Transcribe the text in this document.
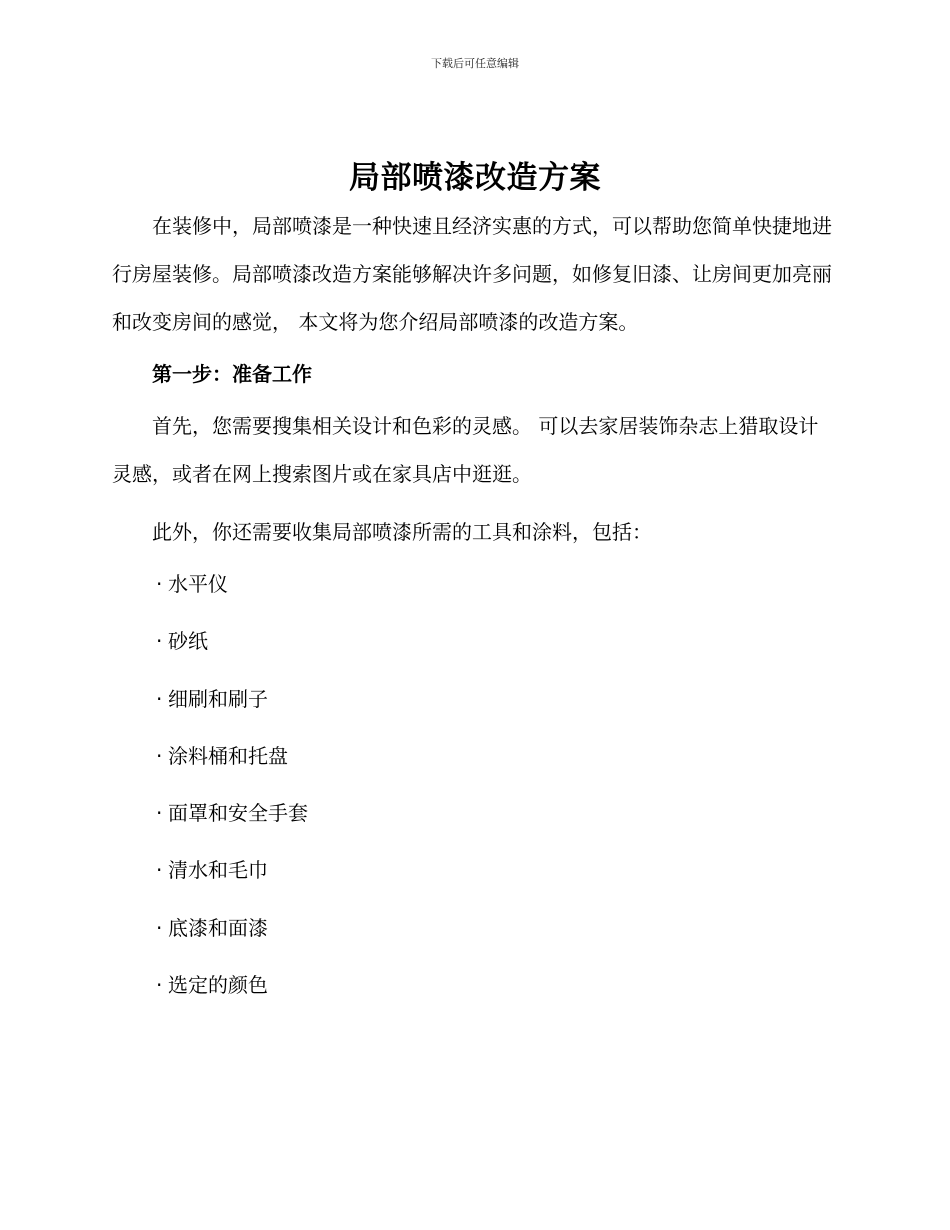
下载后可任意编辑
局部喷漆改造方案

在装修中，局部喷漆是一种快速且经济实惠的方式，可以帮助您简单快捷地进行房屋装修。局部喷漆改造方案能够解决许多问题，如修复旧漆、让房间更加亮丽和改变房间的感觉， 本文将为您介绍局部喷漆的改造方案。

第一步：准备工作

首先，您需要搜集相关设计和色彩的灵感。 可以去家居装饰杂志上猎取设计灵感，或者在网上搜索图片或在家具店中逛逛。

此外，你还需要收集局部喷漆所需的工具和涂料，包括：

· 水平仪
· 砂纸
· 细刷和刷子
· 涂料桶和托盘
· 面罩和安全手套
· 清水和毛巾
· 底漆和面漆
· 选定的颜色
